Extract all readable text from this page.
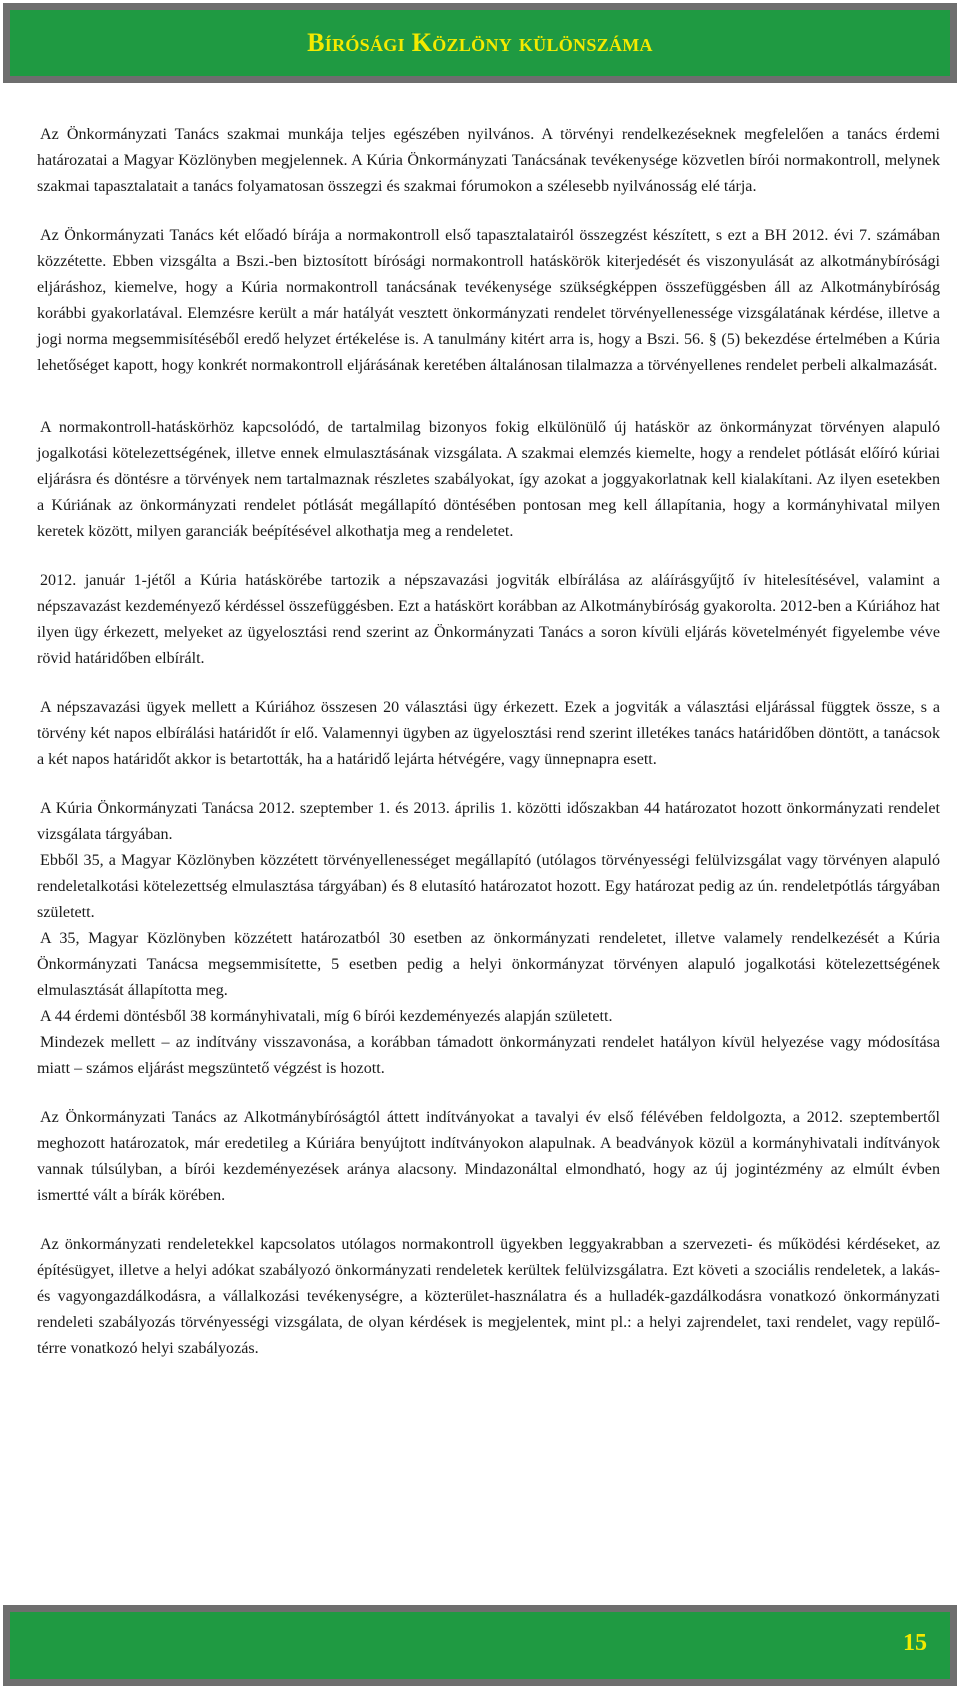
Bírósági Közlöny különszáma

Az Önkormányzati Tanács szakmai munkája teljes egészében nyilvános. A törvényi rendelkezéseknek megfelelően a tanács érdemi határozatai a Magyar Közlönyben megjelennek. A Kúria Önkormányzati Tanácsának tevékenysége közvetlen bírói normakontroll, melynek szakmai tapasztalatait a tanács folyamatosan összegzi és szakmai fórumokon a szélesebb nyilvánosság elé tárja.

Az Önkormányzati Tanács két előadó bírája a normakontroll első tapasztalatairól összegzést készített, s ezt a BH 2012. évi 7. számában közzétette. Ebben vizsgálta a Bszi.-ben biztosított bírósági normakontroll hatáskörök kiterjedését és viszonyulását az alkotmánybírósági eljáráshoz, kiemelve, hogy a Kúria normakontroll tanácsának tevékenysége szükségképpen összefüggésben áll az Alkotmánybíróság korábbi gyakorlatával. Elemzésre került a már hatályát vesztett önkormányzati rendelet törvényellenessége vizsgálatának kérdése, illetve a jogi norma megsemmisítéséből eredő helyzet értékelése is. A tanulmány kitért arra is, hogy a Bszi. 56. § (5) bekezdése értelmében a Kúria lehetőséget kapott, hogy konkrét normakontroll eljárásának keretében általánosan tilalmazza a törvényellenes rendelet perbeli alkalmazását.

A normakontroll-hatáskörhöz kapcsolódó, de tartalmilag bizonyos fokig elkülönülő új hatáskör az önkormányzat törvényen alapuló jogalkotási kötelezettségének, illetve ennek elmulasztásának vizsgálata. A szakmai elemzés kiemelte, hogy a rendelet pótlását előíró kúriai eljárásra és döntésre a törvények nem tartalmaznak részletes szabályokat, így azokat a joggyakorlatnak kell kialakítani. Az ilyen esetekben a Kúriának az önkormányzati rendelet pótlását megállapító döntésében pontosan meg kell állapítania, hogy a kormányhivatal milyen keretek között, milyen garanciák beépítésével alkothatja meg a rendeletet.

2012. január 1-jétől a Kúria hatáskörébe tartozik a népszavazási jogviták elbírálása az aláírásgyűjtő ív hitelesítésével, valamint a népszavazást kezdeményező kérdéssel összefüggésben. Ezt a hatáskört korábban az Alkotmánybíróság gyakorolta. 2012-ben a Kúriához hat ilyen ügy érkezett, melyeket az ügyelosztási rend szerint az Önkormányzati Tanács a soron kívüli eljárás követelményét figyelembe véve rövid határidőben elbírált.

A népszavazási ügyek mellett a Kúriához összesen 20 választási ügy érkezett. Ezek a jogviták a választási eljárással függtek össze, s a törvény két napos elbírálási határidőt ír elő. Valamennyi ügyben az ügyelosztási rend szerint illetékes tanács határidőben döntött, a tanácsok a két napos határidőt akkor is betartották, ha a határidő lejárta hétvégére, vagy ünnepnapra esett.

A Kúria Önkormányzati Tanácsa 2012. szeptember 1. és 2013. április 1. közötti időszakban 44 határozatot hozott önkormányzati rendelet vizsgálata tárgyában.

Ebből 35, a Magyar Közlönyben közzétett törvényellenességet megállapító (utólagos törvényességi felülvizsgálat vagy törvényen alapuló rendeletalkotási kötelezettség elmulasztása tárgyában) és 8 elutasító határozatot hozott. Egy határozat pedig az ún. rendeletpótlás tárgyában született.

A 35, Magyar Közlönyben közzétett határozatból 30 esetben az önkormányzati rendeletet, illetve valamely rendelkezését a Kúria Önkormányzati Tanácsa megsemmisítette, 5 esetben pedig a helyi önkormányzat törvényen alapuló jogalkotási kötelezettségének elmulasztását állapította meg.

A 44 érdemi döntésből 38 kormányhivatali, míg 6 bírói kezdeményezés alapján született.

Mindezek mellett – az indítvány visszavonása, a korábban támadott önkormányzati rendelet hatályon kívül helyezése vagy módosítása miatt – számos eljárást megszüntető végzést is hozott.

Az Önkormányzati Tanács az Alkotmánybíróságtól áttett indítványokat a tavalyi év első félévében feldolgozta, a 2012. szeptembertől meghozott határozatok, már eredetileg a Kúriára benyújtott indítványokon alapulnak. A beadványok közül a kormányhivatali indítványok vannak túlsúlyban, a bírói kezdeményezések aránya alacsony. Mindazonáltal elmondható, hogy az új jogintézmény az elmúlt évben ismertté vált a bírák körében.

Az önkormányzati rendeletekkel kapcsolatos utólagos normakontroll ügyekben leggyakrabban a szervezeti- és működési kérdéseket, az építésügyet, illetve a helyi adókat szabályozó önkormányzati rendeletek kerültek felülvizsgálatra. Ezt követi a szociális rendeletek, a lakás- és vagyongazdálkodásra, a vállalkozási tevékenységre, a közterület-használatra és a hulladék-gazdálkodásra vonatkozó önkormányzati rendeleti szabályozás törvényességi vizsgálata, de olyan kérdések is megjelentek, mint pl.: a helyi zajrendelet, taxi rendelet, vagy repülőtérre vonatkozó helyi szabályozás.

15
